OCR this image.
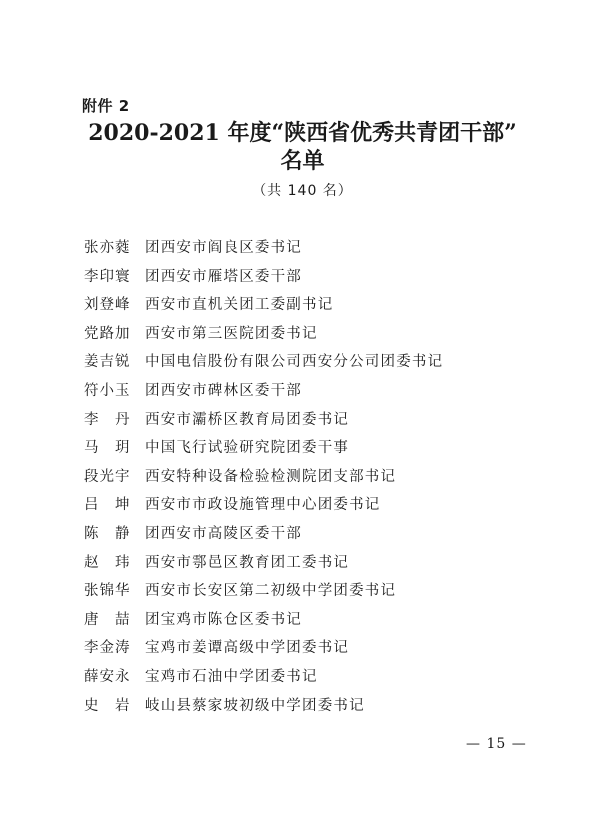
附件 2
2020-2021 年度“陕西省优秀共青团干部”
名单
（共 140 名）
张亦蕤	团西安市阎良区委书记
李印寰	团西安市雁塔区委干部
刘登峰	西安市直机关团工委副书记
党路加	西安市第三医院团委书记
姜吉锐	中国电信股份有限公司西安分公司团委书记
符小玉	团西安市碑林区委干部
李　丹	西安市灞桥区教育局团委书记
马　玥	中国飞行试验研究院团委干事
段光宇	西安特种设备检验检测院团支部书记
吕　坤	西安市市政设施管理中心团委书记
陈　静	团西安市高陵区委干部
赵　玮	西安市鄠邑区教育团工委书记
张锦华	西安市长安区第二初级中学团委书记
唐　喆	团宝鸡市陈仓区委书记
李金涛	宝鸡市姜谭高级中学团委书记
薛安永	宝鸡市石油中学团委书记
史　岩	岐山县蔡家坡初级中学团委书记
— 15 —
